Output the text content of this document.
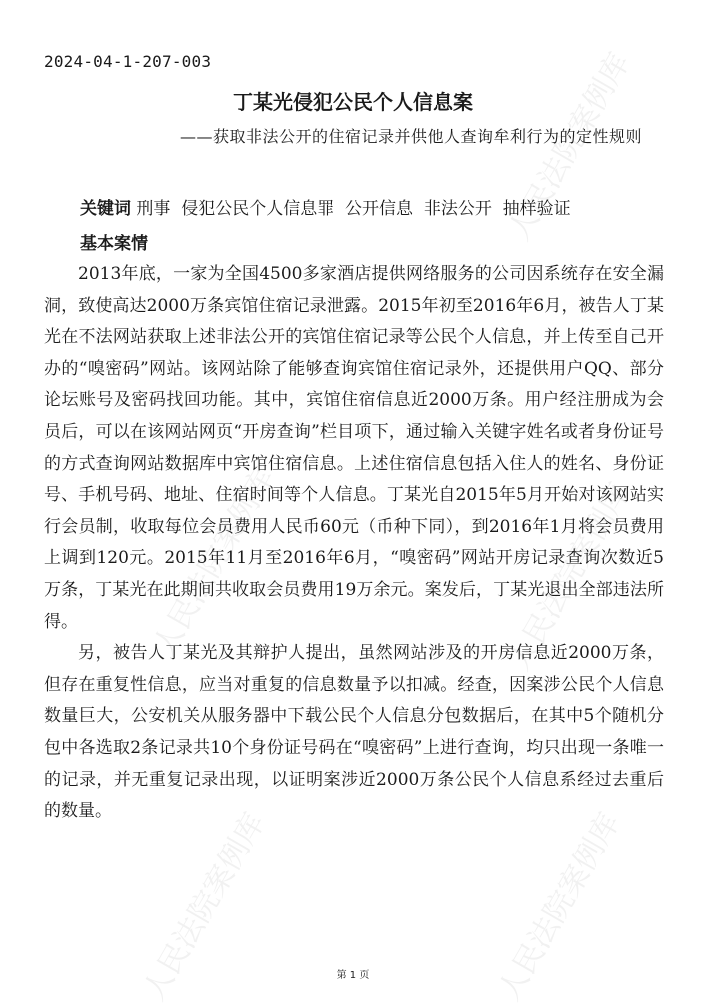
人民法院案例库
人民法院案例库	人民法院案例库
人民法院案例库	人民法院案例库
2024-04-1-207-003
丁某光侵犯公民个人信息案
——获取非法公开的住宿记录并供他人查询牟利行为的定性规则
关键词 刑事  侵犯公民个人信息罪  公开信息  非法公开  抽样验证
基本案情

2013年底，一家为全国4500多家酒店提供网络服务的公司因系统存在安全漏洞，致使高达2000万条宾馆住宿记录泄露。2015年初至2016年6月，被告人丁某光在不法网站获取上述非法公开的宾馆住宿记录等公民个人信息，并上传至自己开办的“嗅密码”网站。该网站除了能够查询宾馆住宿记录外，还提供用户QQ、部分论坛账号及密码找回功能。其中，宾馆住宿信息近2000万条。用户经注册成为会员后，可以在该网站网页“开房查询”栏目项下，通过输入关键字姓名或者身份证号的方式查询网站数据库中宾馆住宿信息。上述住宿信息包括入住人的姓名、身份证号、手机号码、地址、住宿时间等个人信息。丁某光自2015年5月开始对该网站实行会员制，收取每位会员费用人民币60元（币种下同），到2016年1月将会员费用上调到120元。2015年11月至2016年6月，“嗅密码”网站开房记录查询次数近5万条，丁某光在此期间共收取会员费用19万余元。案发后，丁某光退出全部违法所得。

另，被告人丁某光及其辩护人提出，虽然网站涉及的开房信息近2000万条，但存在重复性信息，应当对重复的信息数量予以扣减。经查，因案涉公民个人信息数量巨大，公安机关从服务器中下载公民个人信息分包数据后，在其中5个随机分包中各选取2条记录共10个身份证号码在“嗅密码”上进行查询，均只出现一条唯一的记录，并无重复记录出现，以证明案涉近2000万条公民个人信息系经过去重后的数量。

第 1 页
